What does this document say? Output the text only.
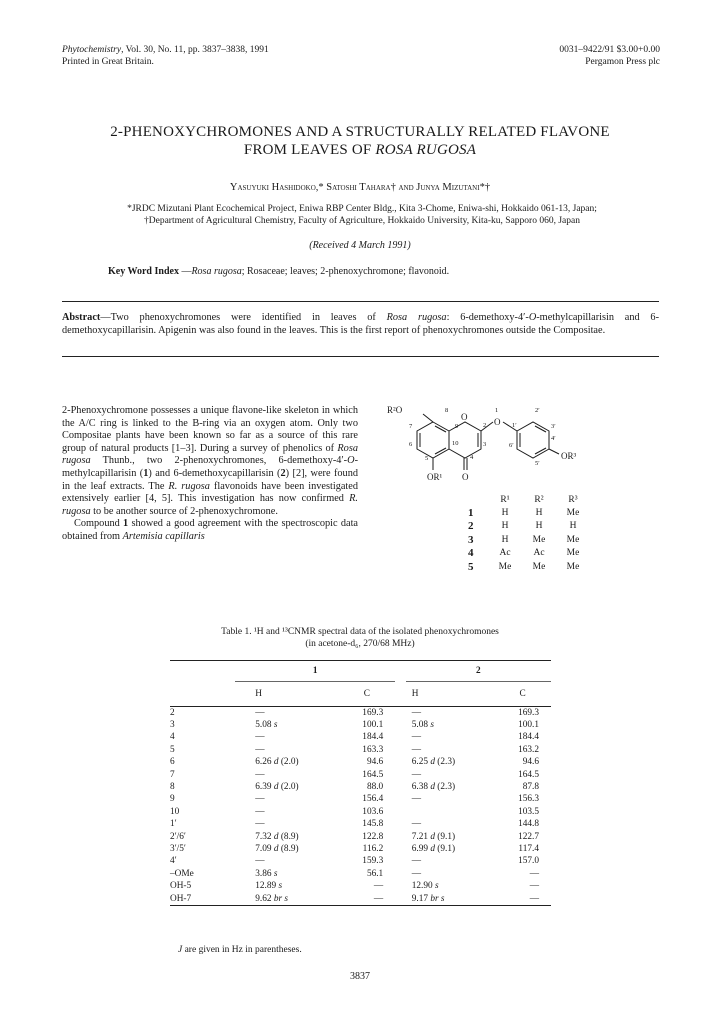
Phytochemistry, Vol. 30, No. 11, pp. 3837–3838, 1991
Printed in Great Britain.
0031–9422/91 $3.00+0.00
Pergamon Press plc
2-PHENOXYCHROMONES AND A STRUCTURALLY RELATED FLAVONE
FROM LEAVES OF ROSA RUGOSA
Yasuyuki Hashidoko,* Satoshi Tahara† and Junya Mizutani*†
*JRDC Mizutani Plant Ecochemical Project, Eniwa RBP Center Bldg., Kita 3-Chome, Eniwa-shi, Hokkaido 061-13, Japan;
†Department of Agricultural Chemistry, Faculty of Agriculture, Hokkaido University, Kita-ku, Sapporo 060, Japan
(Received 4 March 1991)
Key Word Index —Rosa rugosa; Rosaceae; leaves; 2-phenoxychromone; flavonoid.
Abstract—Two phenoxychromones were identified in leaves of Rosa rugosa: 6-demethoxy-4′-O-methylcapillarisin and 6-demethoxycapillarisin. Apigenin was also found in the leaves. This is the first report of phenoxychromones outside the Compositae.

2-Phenoxychromone possesses a unique flavone-like skeleton in which the A/C ring is linked to the B-ring via an oxygen atom. Only two Compositae plants have been known so far as a source of this rare group of natural products [1–3]. During a survey of phenolics of Rosa rugosa Thunb., two 2-phenoxychromones, 6-demethoxy-4′-O-methylcapillarisin (1) and 6-demethoxycapillarisin (2) [2], were found in the leaf extracts. The R. rugosa flavonoids have been investigated extensively earlier [4, 5]. This investigation has now confirmed R. rugosa to be another source of 2-phenoxychromone.

Compound 1 showed a good agreement with the spectroscopic data obtained from Artemisia capillaris

R²O
OR¹ O
OR³
O	O
8	1	2′
9	2	1′	3′
7
6	10	3
4′
6′
5	4
5′
	R¹	R²	R³
1	H	H	Me
2	H	H	H
3	H	Me	Me
4	Ac	Ac	Me
5	Me	Me	Me
Table 1. ¹H and ¹³CNMR spectral data of the isolated phenoxychromones
(in acetone-d₆, 270/68 MHz)
	1			2	
	H	C		H	C
2	—	169.3		—	169.3
3	5.08 s	100.1		5.08 s	100.1
4	—	184.4		—	184.4
5	—	163.3		—	163.2
6	6.26 d (2.0)	94.6		6.25 d (2.3)	94.6
7	—	164.5		—	164.5
8	6.39 d (2.0)	88.0		6.38 d (2.3)	87.8
9	—	156.4		—	156.3
10	—	103.6			103.5
1′	—	145.8		—	144.8
2′/6′	7.32 d (8.9)	122.8		7.21 d (9.1)	122.7
3′/5′	7.09 d (8.9)	116.2		6.99 d (9.1)	117.4
4′	—	159.3		—	157.0
–OMe	3.86 s	56.1		—	—
OH-5	12.89 s	—		12.90 s	—
OH-7	9.62 br s	—		9.17 br s	—
J are given in Hz in parentheses.
3837
